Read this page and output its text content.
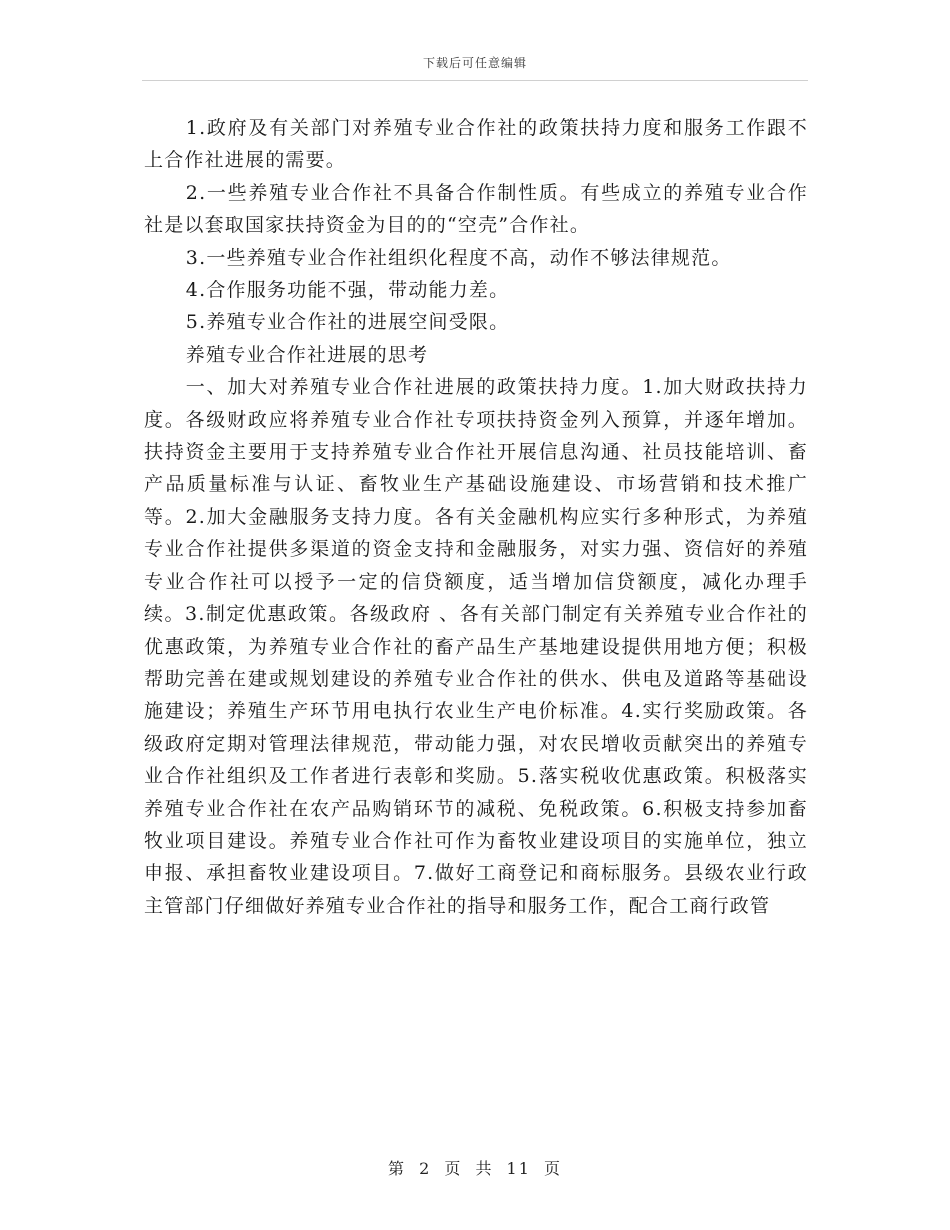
下载后可任意编辑

1.政府及有关部门对养殖专业合作社的政策扶持力度和服务工作跟不上合作社进展的需要。

2.一些养殖专业合作社不具备合作制性质。有些成立的养殖专业合作社是以套取国家扶持资金为目的的“空壳”合作社。

3.一些养殖专业合作社组织化程度不高，动作不够法律规范。

4.合作服务功能不强，带动能力差。

5.养殖专业合作社的进展空间受限。

养殖专业合作社进展的思考

一、加大对养殖专业合作社进展的政策扶持力度。1.加大财政扶持力度。各级财政应将养殖专业合作社专项扶持资金列入预算，并逐年增加。扶持资金主要用于支持养殖专业合作社开展信息沟通、社员技能培训、畜产品质量标准与认证、畜牧业生产基础设施建设、市场营销和技术推广等。2.加大金融服务支持力度。各有关金融机构应实行多种形式，为养殖专业合作社提供多渠道的资金支持和金融服务，对实力强、资信好的养殖专业合作社可以授予一定的信贷额度，适当增加信贷额度，减化办理手续。3.制定优惠政策。各级政府 、各有关部门制定有关养殖专业合作社的优惠政策，为养殖专业合作社的畜产品生产基地建设提供用地方便；积极帮助完善在建或规划建设的养殖专业合作社的供水、供电及道路等基础设施建设；养殖生产环节用电执行农业生产电价标准。4.实行奖励政策。各级政府定期对管理法律规范，带动能力强，对农民增收贡献突出的养殖专业合作社组织及工作者进行表彰和奖励。5.落实税收优惠政策。积极落实养殖专业合作社在农产品购销环节的减税、免税政策。6.积极支持参加畜牧业项目建设。养殖专业合作社可作为畜牧业建设项目的实施单位，独立申报、承担畜牧业建设项目。7.做好工商登记和商标服务。县级农业行政主管部门仔细做好养殖专业合作社的指导和服务工作，配合工商行政管

第 2 页 共 11 页
